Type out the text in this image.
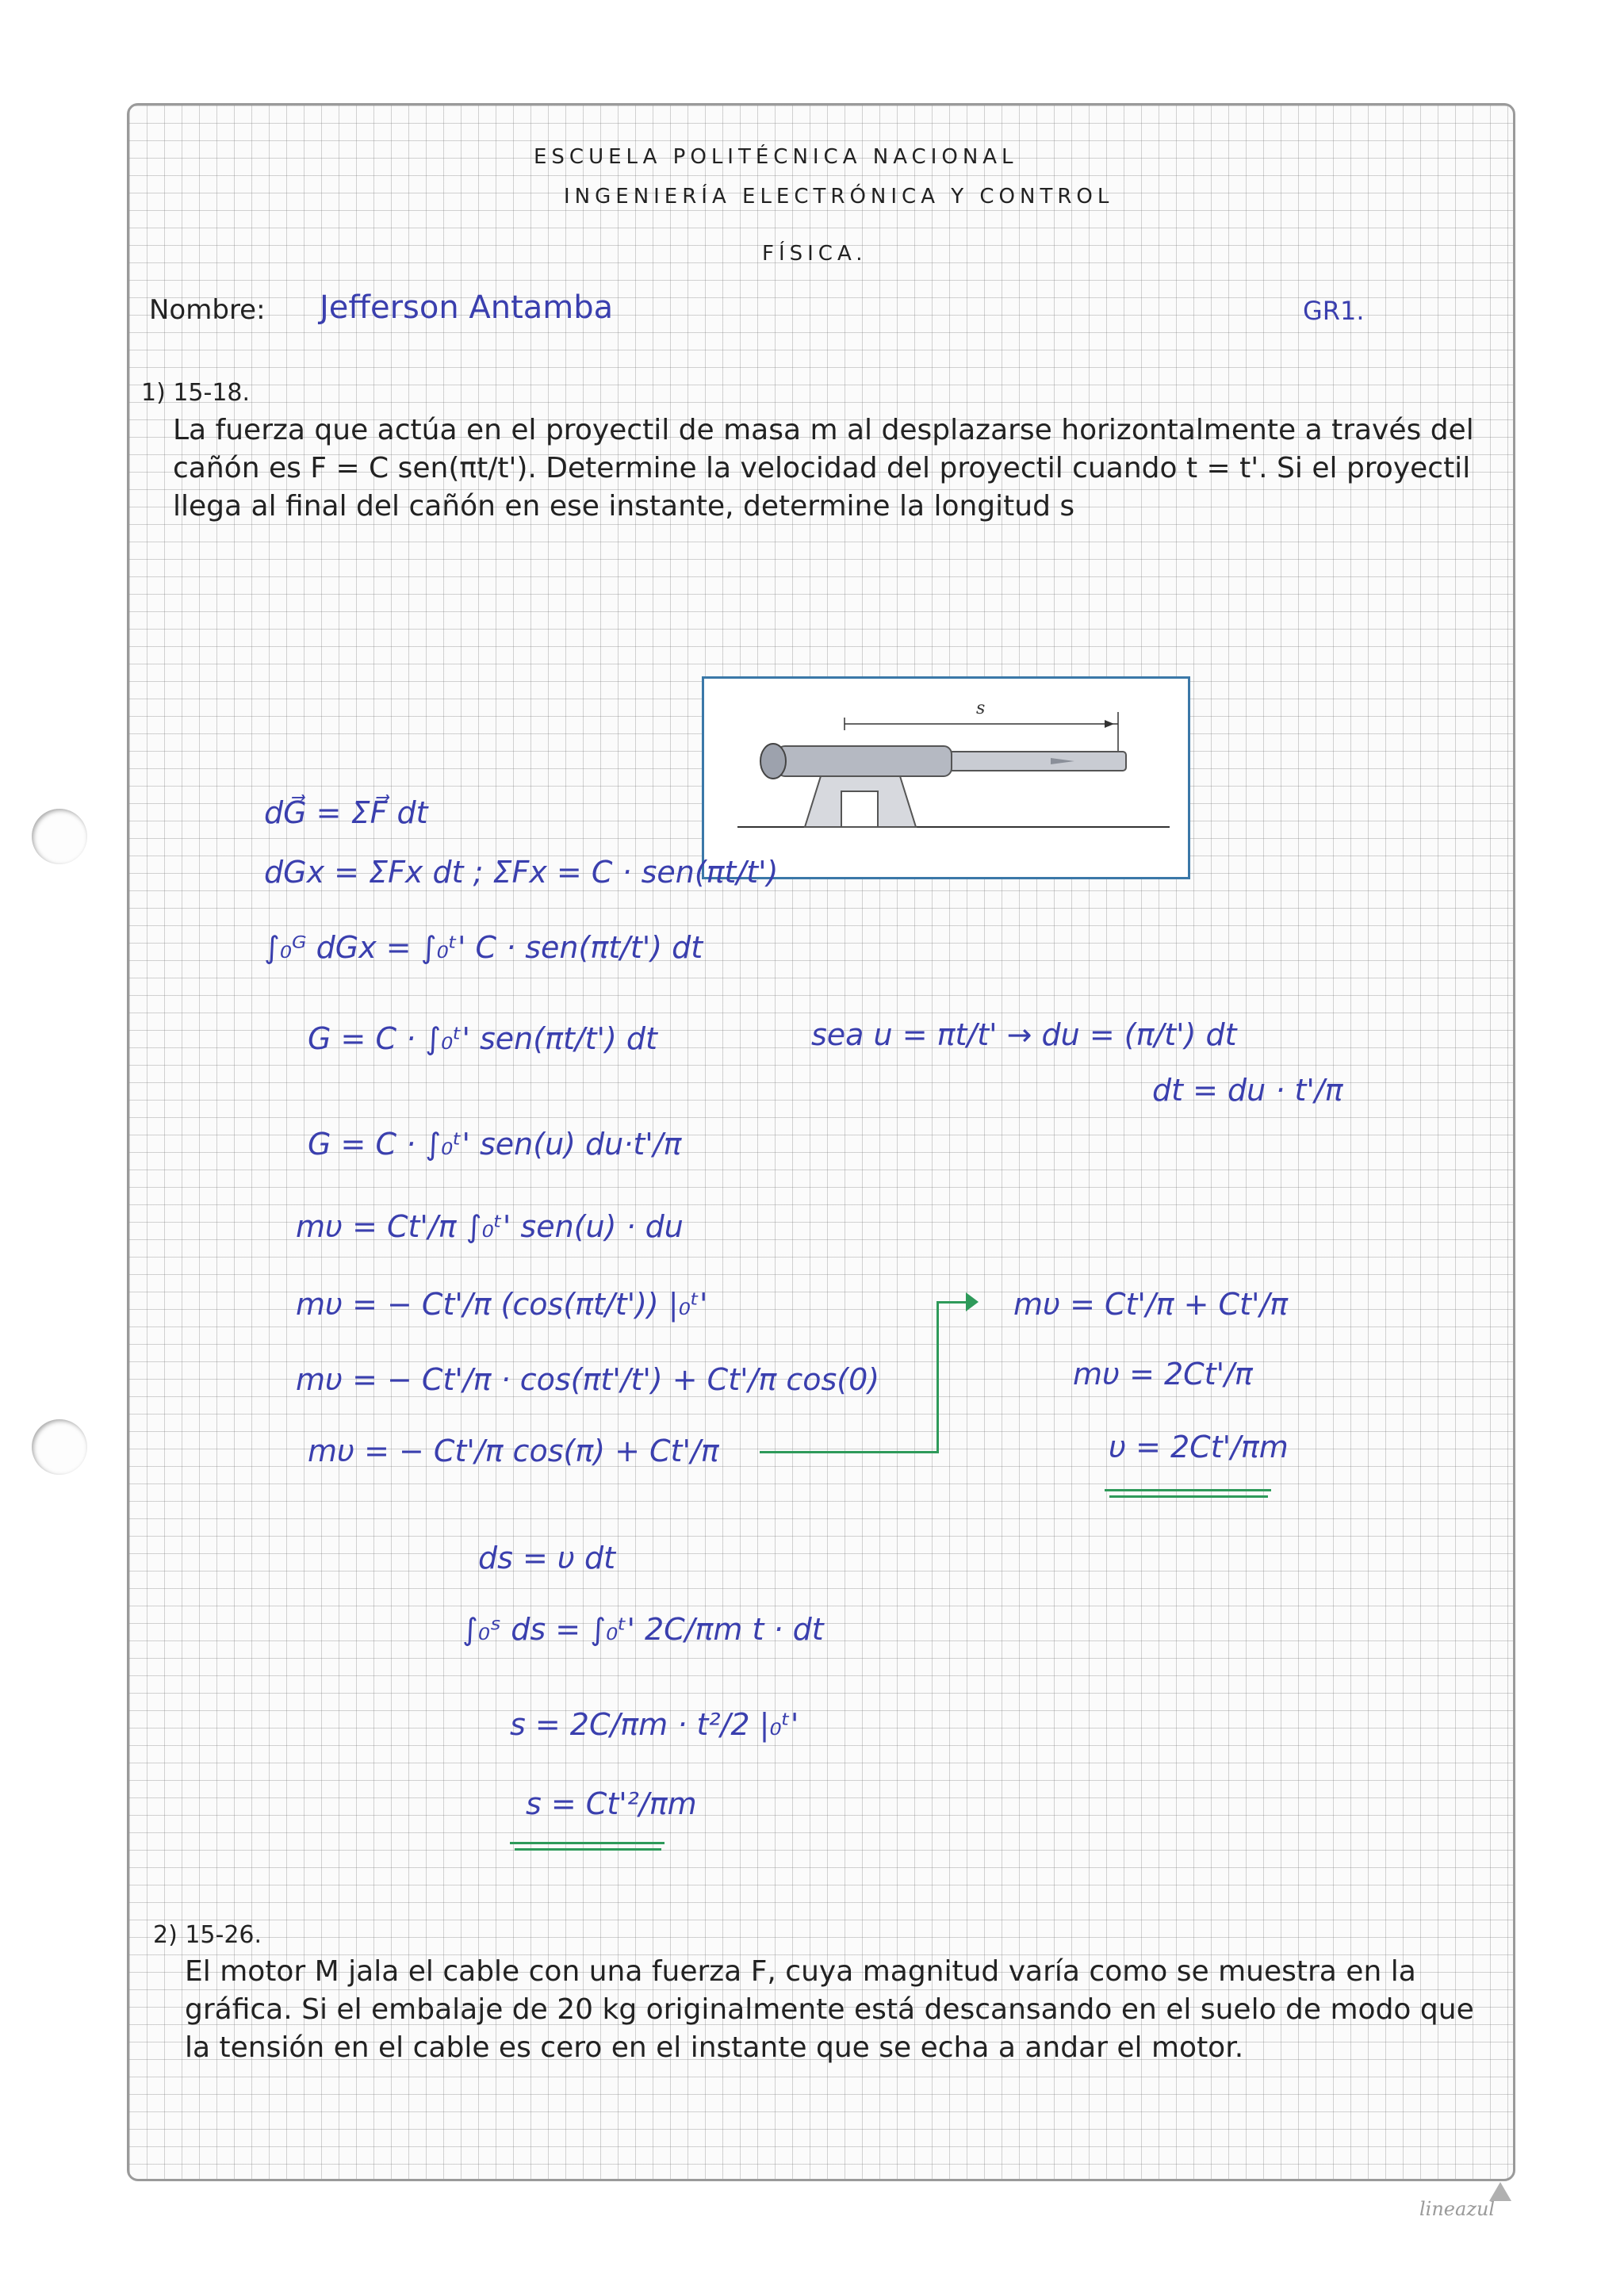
ESCUELA POLITÉCNICA NACIONAL
INGENIERÍA ELECTRÓNICA Y CONTROL
FÍSICA.
Nombre: Jefferson Antamba	GR1.
1) 15-18.
La fuerza que actúa en el proyectil de masa m al desplazarse horizontalmente a través del cañón es F = C sen(πt/t'). Determine la velocidad del proyectil cuando t = t'. Si el proyectil llega al final del cañón en ese instante, determine la longitud s
s
dG⃗ = ΣF⃗ dt
dGx = ΣFx dt ; ΣFx = C · sen(πt/t')
∫₀ᴳ dGx = ∫₀ᵗ' C · sen(πt/t') dt
G = C · ∫₀ᵗ' sen(πt/t') dt	sea u = πt/t' → du = (π/t') dt
dt = du · t'/π
G = C · ∫₀ᵗ' sen(u) du·t'/π
mυ = Ct'/π ∫₀ᵗ' sen(u) · du
mυ = − Ct'/π (cos(πt/t')) |₀ᵗ'
mυ = − Ct'/π · cos(πt'/t') + Ct'/π cos(0)
mυ = − Ct'/π cos(π) + Ct'/π
mυ = Ct'/π + Ct'/π
mυ = 2Ct'/π
υ = 2Ct'/πm
ds = υ dt
∫₀ˢ ds = ∫₀ᵗ' 2C/πm t · dt
s = 2C/πm · t²/2 |₀ᵗ'
s = Ct'²/πm
2) 15-26.
El motor M jala el cable con una fuerza F, cuya magnitud varía como se muestra en la gráfica. Si el embalaje de 20 kg originalmente está descansando en el suelo de modo que la tensión en el cable es cero en el instante que se echa a andar el motor.
lineazul
